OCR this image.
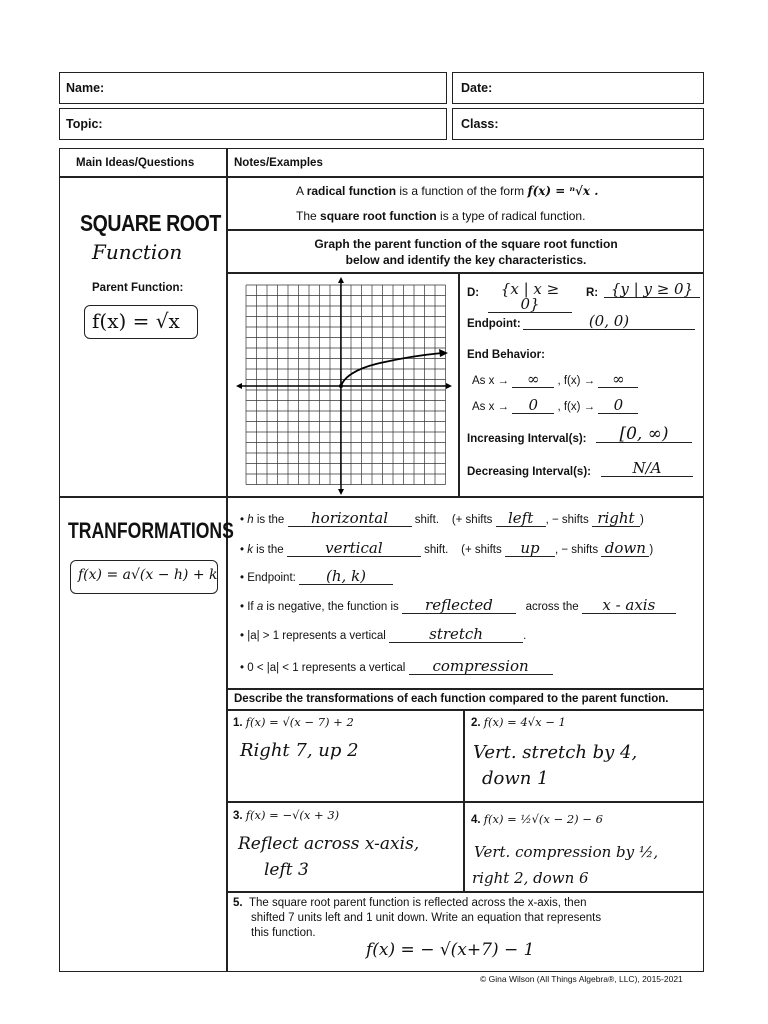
Name:	Date:
Topic:	Class:
Main Ideas/Questions	Notes/Examples
SQUARE ROOT
Function
Parent Function:
f(x) = √x
A radical function is a function of the form f(x) = ⁿ√x .
The square root function is a type of radical function.
Graph the parent function of the square root function
below and identify the key characteristics.
D:	{x | x ≥ 0}
R: {y | y ≥ 0}
Endpoint:	(0, 0)
End Behavior:
As x → ∞ , f(x) → ∞
As x → 0 , f(x) → 0
Increasing Interval(s):	[0, ∞)
Decreasing Interval(s):	N/A
TRANFORMATIONS
f(x) = a√(x − h) + k
• h is the horizontal shift. (+ shifts left , − shifts right )
• k is the	vertical	shift. (+ shifts up , − shifts down )
• Endpoint: (h, k)
• If a is negative, the function is reflected	across the x - axis
• |a| > 1 represents a vertical	stretch	.
• 0 < |a| < 1 represents a vertical compression
Describe the transformations of each function compared to the parent function.
1. f(x) = √(x − 7) + 2
Right 7, up 2
2. f(x) = 4√x − 1
Vert. stretch by 4,
down 1
3. f(x) = −√(x + 3)
Reflect across x-axis,
left 3
4. f(x) = ½√(x − 2) − 6
Vert. compression by ½,
right 2, down 6
5. The square root parent function is reflected across the x-axis, then
shifted 7 units left and 1 unit down. Write an equation that represents
this function.
f(x) = − √(x+7) − 1
© Gina Wilson (All Things Algebra®, LLC), 2015-2021
